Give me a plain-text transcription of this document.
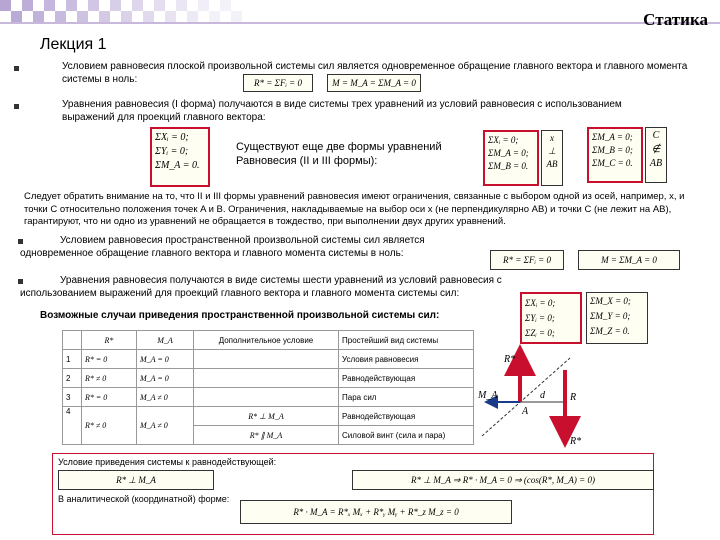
Статика
Лекция 1
Условием равновесия плоской произвольной системы сил является одновременное обращение главного вектора и главного момента системы в ноль:	R* = ΣFᵢ = 0	M = M_A = ΣM_A = 0
Уравнения равновесия (I форма) получаются в виде системы трех уравнений из условий равновесия с использованием выражений для проекций главного вектора:
ΣXᵢ = 0;
ΣYᵢ = 0;
ΣM_A = 0.
Существуют еще две формы уравнений Равновесия (II и III формы):
ΣXᵢ = 0;
ΣM_A = 0;
ΣM_B = 0.
x
⊥
AB
ΣM_A = 0;
ΣM_B = 0;
ΣM_C = 0.
C
∉
AB
Следует обратить внимание на то, что II и III формы уравнений равновесия имеют ограничения, связанные с выбором одной из осей, например, x, и точки C относительно положения точек A и B. Ограничения, накладываемые на выбор оси x (не перпендикулярно AB) и точки C (не лежит на AB), гарантируют, что ни одно из уравнений не обращается в тождество, при выполнении двух других уравнений.
Условием равновесия пространственной произвольной системы сил является одновременное обращение главного вектора и главного момента системы в ноль:
R* = ΣFᵢ = 0	M = ΣM_A = 0
Уравнения равновесия получаются в виде системы шести уравнений из условий равновесия с использованием выражений для проекций главного вектора и главного момента системы сил:
ΣXᵢ = 0;
ΣYᵢ = 0;
ΣZᵢ = 0;
ΣM_X = 0;
ΣM_Y = 0;
ΣM_Z = 0.
Возможные случаи приведения пространственной произвольной системы сил:
	R*	M_A	Дополнительное условие	Простейший вид системы
1	R* = 0	M_A = 0		Условия равновесия
2	R* ≠ 0	M_A = 0		Равнодействующая
3	R* = 0	M_A ≠ 0		Пара сил
4	R* ≠ 0	M_A ≠ 0	R* ⊥ M_A	Равнодействующая
			R* ∥ M_A	Силовой винт (сила и пара)
R*
M_A
A
d	R
R*
Условие приведения системы к равнодействующей:
R* ⊥ M_A	R* ⊥ M_A ⇒ R* · M_A = 0 ⇒ (cos(R*, M_A) = 0)
В аналитической (координатной) форме:
R* · M_A = R*ₓ Mₓ + R*ᵧ Mᵧ + R*_z M_z = 0
